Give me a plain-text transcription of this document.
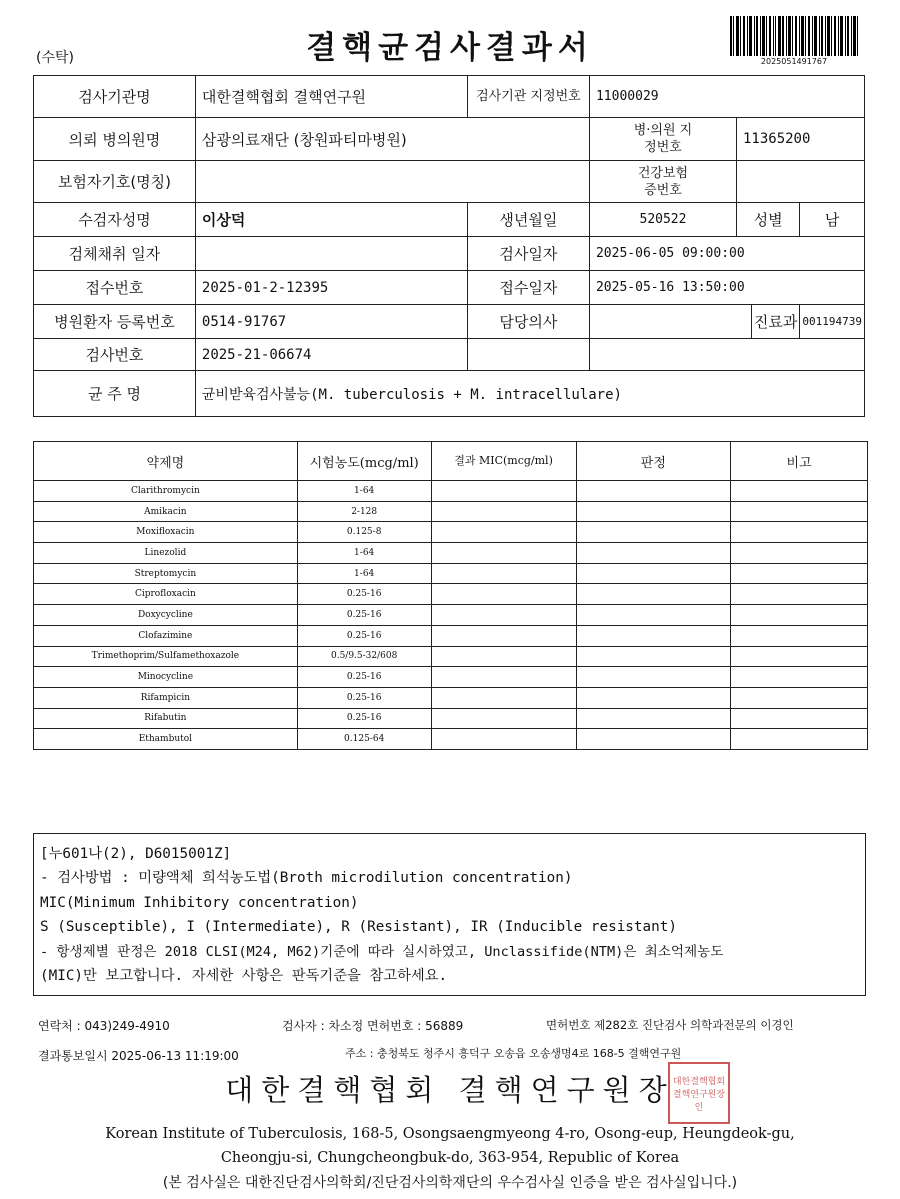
(수탁)	결핵균검사결과서	2025051491767
검사기관명	대한결핵협회 결핵연구원	검사기관 지정번호	11000029			
의뢰 병의원명	삼광의료재단 (창원파티마병원)		병·의원 지정번호	11365200		
보험자기호(명칭)			건강보험 증번호			
수검자성명	이상덕	생년월일	520522	성별		남
검체채취 일자		검사일자	2025-06-05 09:00:00			
접수번호	2025-01-2-12395	접수일자	2025-05-16 13:50:00			
병원환자 등록번호	0514-91767	담당의사			진료과	001194739
검사번호	2025-21-06674					
균 주 명	균비받육검사불능(M. tuberculosis + M. intracellulare)					
약제명	시험농도(mcg/ml)	결과 MIC(mcg/ml)	판정	비고
Clarithromycin	1-64			
Amikacin	2-128			
Moxifloxacin	0.125-8			
Linezolid	1-64			
Streptomycin	1-64			
Ciprofloxacin	0.25-16			
Doxycycline	0.25-16			
Clofazimine	0.25-16			
Trimethoprim/Sulfamethoxazole	0.5/9.5-32/608			
Minocycline	0.25-16			
Rifampicin	0.25-16			
Rifabutin	0.25-16			
Ethambutol	0.125-64			
[누601나(2), D6015001Z]
- 검사방법 : 미량액체 희석농도법(Broth microdilution concentration)
MIC(Minimum Inhibitory concentration)
S (Susceptible), I (Intermediate), R (Resistant), IR (Inducible resistant)
- 항생제별 판정은 2018 CLSI(M24, M62)기준에 따라 실시하였고, Unclassifide(NTM)은 최소억제농도
(MIC)만 보고합니다. 자세한 사항은 판독기준을 참고하세요.
연락처 : 043)249-4910	검사자 : 차소정 면허번호 : 56889	면허번호 제282호 진단검사 의학과전문의 이경인
결과통보일시 2025-06-13 11:19:00	주소 : 충청북도 청주시 흥덕구 오송읍 오송생명4로 168-5 결핵연구원
대한결핵협회 결핵연구원장
대한결핵협회결핵연구원장인
Korean Institute of Tuberculosis, 168-5, Osongsaengmyeong 4-ro, Osong-eup, Heungdeok-gu,
Cheongju-si, Chungcheongbuk-do, 363-954, Republic of Korea
(본 검사실은 대한진단검사의학회/진단검사의학재단의 우수검사실 인증을 받은 검사실입니다.)
